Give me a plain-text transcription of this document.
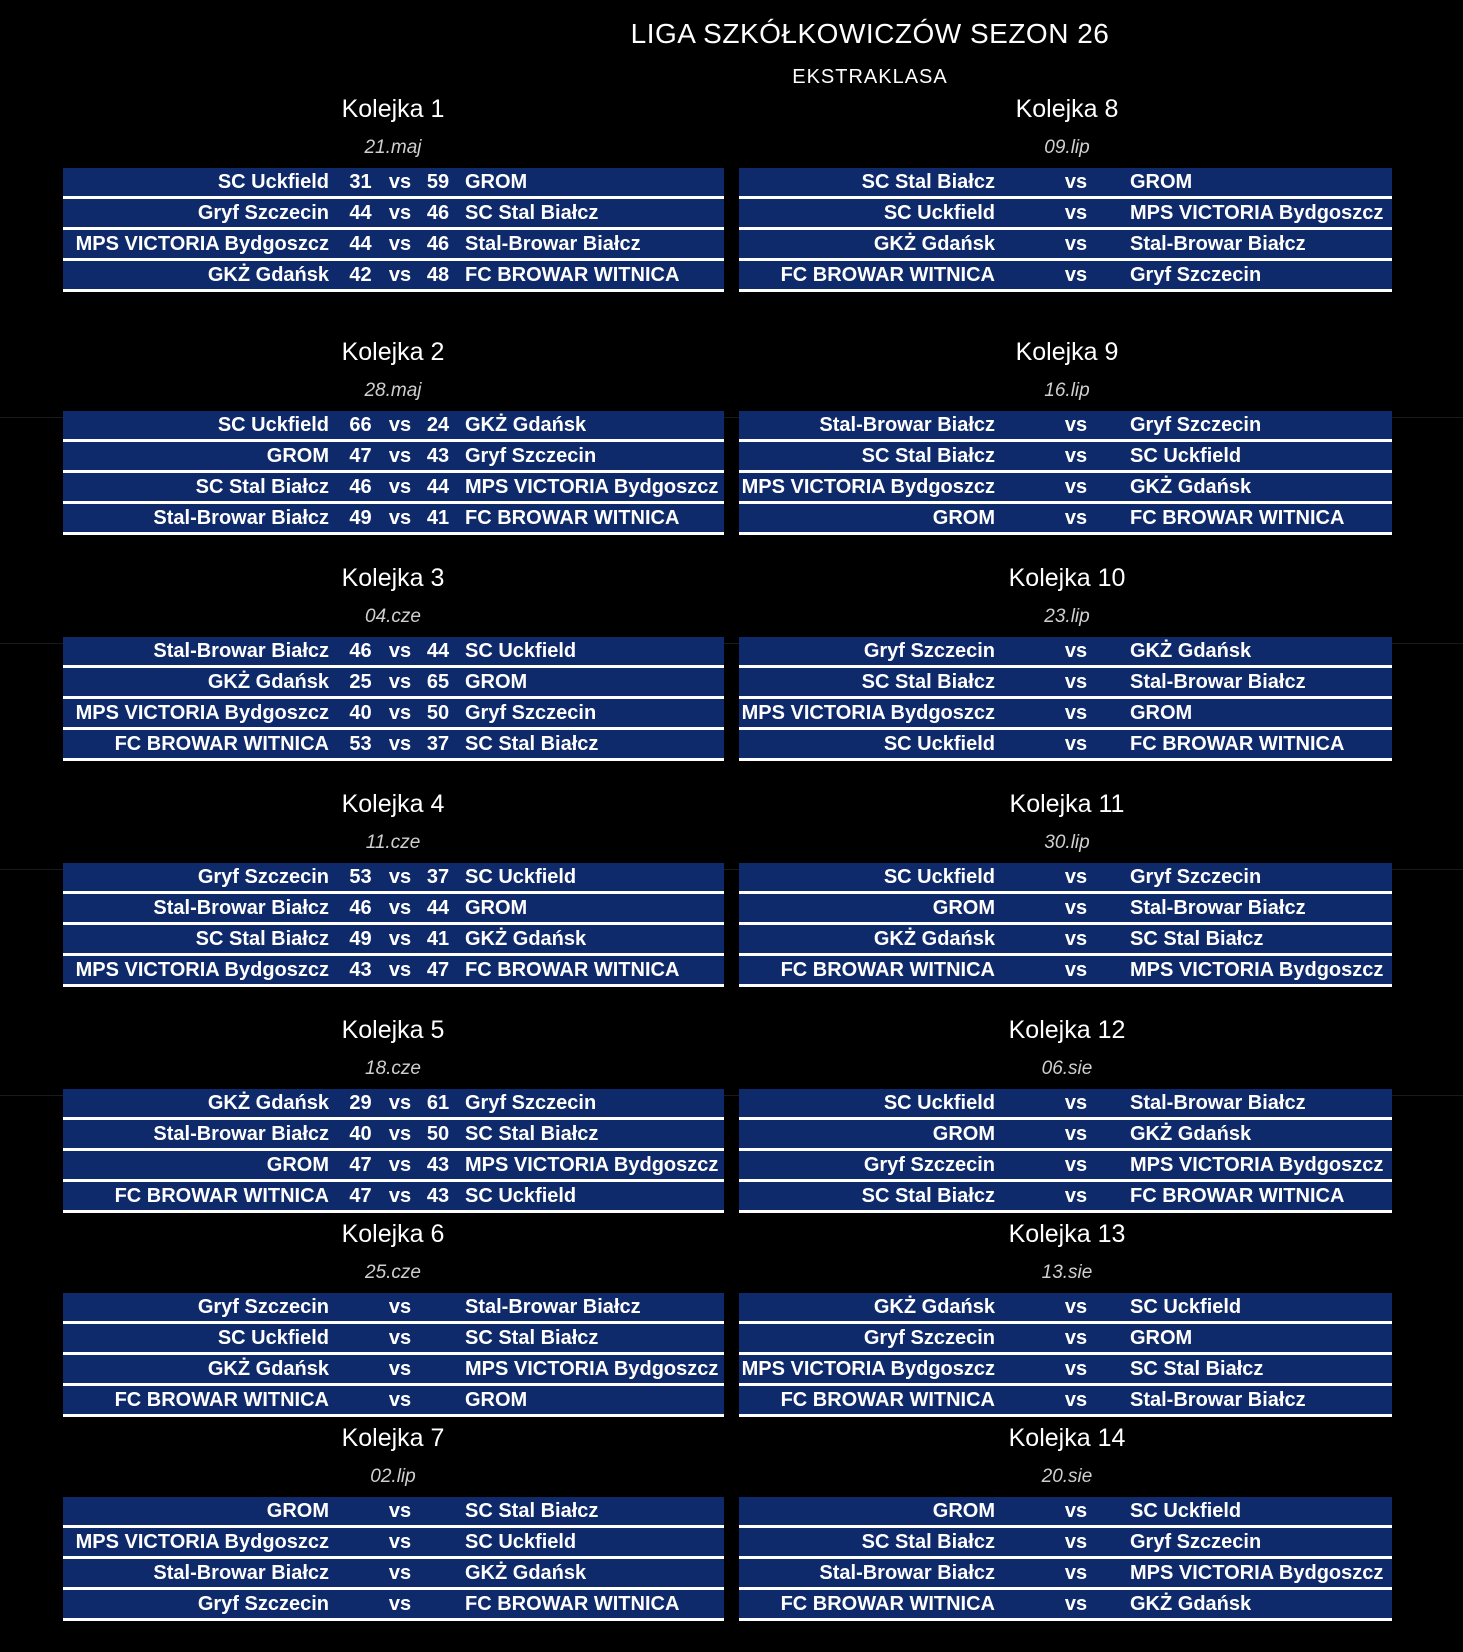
LIGA SZKÓŁKOWICZÓW SEZON 26
EKSTRAKLASA
Kolejka 1
21.maj
SC Uckfield	31 vs 59 GROM
Gryf Szczecin	44 vs 46 SC Stal Białcz
MPS VICTORIA Bydgoszcz	44 vs 46 Stal-Browar Białcz
GKŻ Gdańsk	42 vs 48 FC BROWAR WITNICA
Kolejka 2
28.maj
SC Uckfield	66 vs 24 GKŻ Gdańsk
GROM	47 vs 43 Gryf Szczecin
SC Stal Białcz	46 vs 44 MPS VICTORIA Bydgoszcz
Stal-Browar Białcz	49 vs 41 FC BROWAR WITNICA
Kolejka 3
04.cze
Stal-Browar Białcz	46 vs 44 SC Uckfield
GKŻ Gdańsk	25 vs 65 GROM
MPS VICTORIA Bydgoszcz	40 vs 50 Gryf Szczecin
FC BROWAR WITNICA	53 vs 37 SC Stal Białcz
Kolejka 4
11.cze
Gryf Szczecin	53 vs 37 SC Uckfield
Stal-Browar Białcz	46 vs 44 GROM
SC Stal Białcz	49 vs 41 GKŻ Gdańsk
MPS VICTORIA Bydgoszcz	43 vs 47 FC BROWAR WITNICA
Kolejka 5
18.cze
GKŻ Gdańsk	29 vs 61 Gryf Szczecin
Stal-Browar Białcz	40 vs 50 SC Stal Białcz
GROM	47 vs 43 MPS VICTORIA Bydgoszcz
FC BROWAR WITNICA	47 vs 43 SC Uckfield
Kolejka 6
25.cze
Gryf Szczecin	vs	Stal-Browar Białcz
SC Uckfield	vs	SC Stal Białcz
GKŻ Gdańsk	vs	MPS VICTORIA Bydgoszcz
FC BROWAR WITNICA	vs	GROM
Kolejka 7
02.lip
GROM	vs	SC Stal Białcz
MPS VICTORIA Bydgoszcz	vs	SC Uckfield
Stal-Browar Białcz	vs	GKŻ Gdańsk
Gryf Szczecin	vs	FC BROWAR WITNICA
Kolejka 8
09.lip
SC Stal Białcz	vs	GROM
SC Uckfield	vs	MPS VICTORIA Bydgoszcz
GKŻ Gdańsk	vs	Stal-Browar Białcz
FC BROWAR WITNICA	vs	Gryf Szczecin
Kolejka 9
16.lip
Stal-Browar Białcz	vs	Gryf Szczecin
SC Stal Białcz	vs	SC Uckfield
MPS VICTORIA Bydgoszcz	vs	GKŻ Gdańsk
GROM	vs	FC BROWAR WITNICA
Kolejka 10
23.lip
Gryf Szczecin	vs	GKŻ Gdańsk
SC Stal Białcz	vs	Stal-Browar Białcz
MPS VICTORIA Bydgoszcz	vs	GROM
SC Uckfield	vs	FC BROWAR WITNICA
Kolejka 11
30.lip
SC Uckfield	vs	Gryf Szczecin
GROM	vs	Stal-Browar Białcz
GKŻ Gdańsk	vs	SC Stal Białcz
FC BROWAR WITNICA	vs	MPS VICTORIA Bydgoszcz
Kolejka 12
06.sie
SC Uckfield	vs	Stal-Browar Białcz
GROM	vs	GKŻ Gdańsk
Gryf Szczecin	vs	MPS VICTORIA Bydgoszcz
SC Stal Białcz	vs	FC BROWAR WITNICA
Kolejka 13
13.sie
GKŻ Gdańsk	vs	SC Uckfield
Gryf Szczecin	vs	GROM
MPS VICTORIA Bydgoszcz	vs	SC Stal Białcz
FC BROWAR WITNICA	vs	Stal-Browar Białcz
Kolejka 14
20.sie
GROM	vs	SC Uckfield
SC Stal Białcz	vs	Gryf Szczecin
Stal-Browar Białcz	vs	MPS VICTORIA Bydgoszcz
FC BROWAR WITNICA	vs	GKŻ Gdańsk
